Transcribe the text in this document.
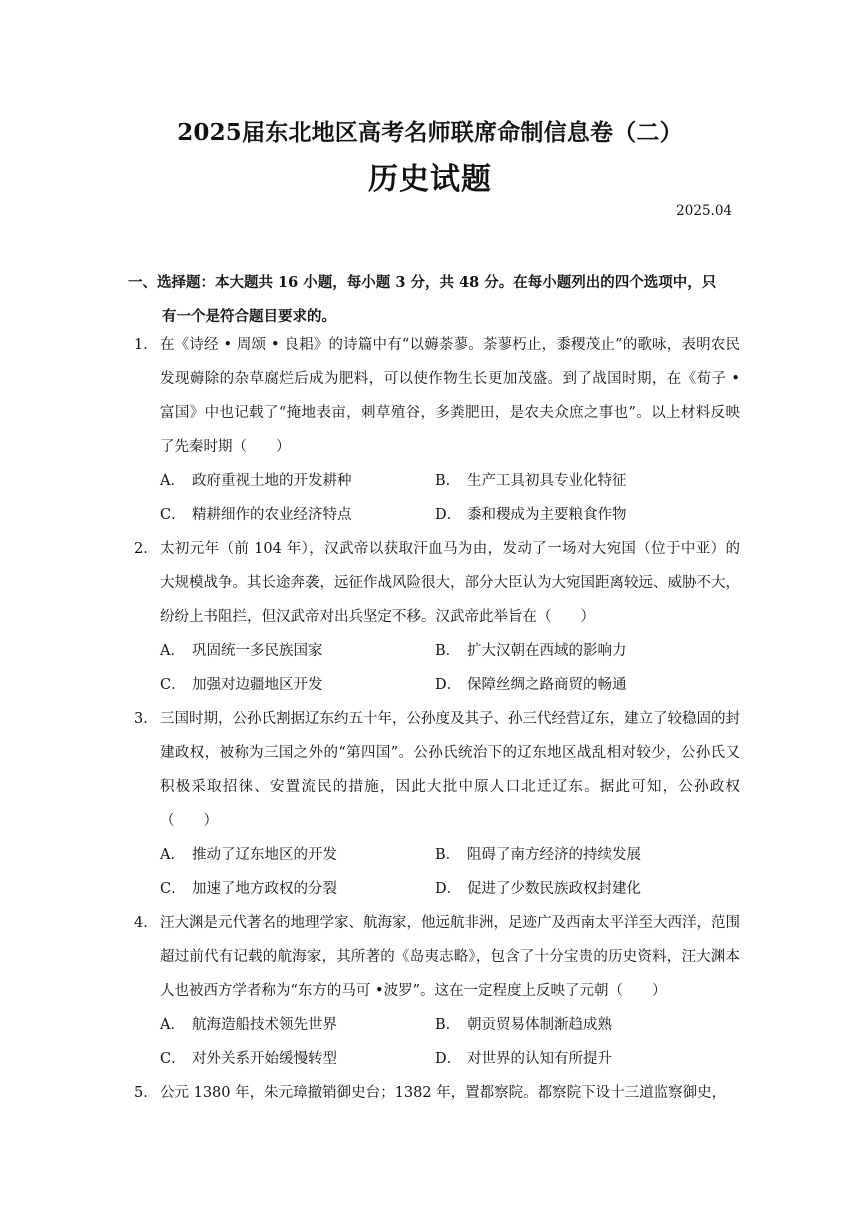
2025届东北地区高考名师联席命制信息卷（二）
历史试题
2025.04
一、选择题：本大题共 16 小题，每小题 3 分，共 48 分。在每小题列出的四个选项中，只
有一个是符合题目要求的。
1． 在《诗经 • 周颂 • 良耜》的诗篇中有“以薅荼蓼。荼蓼朽止，黍稷茂止”的歌咏，表明农民发现薅除的杂草腐烂后成为肥料，可以使作物生长更加茂盛。到了战国时期，在《荀子 • 富国》中也记载了“掩地表亩，刺草殖谷，多粪肥田，是农夫众庶之事也”。以上材料反映了先秦时期（　　）
A． 政府重视土地的开发耕种	B． 生产工具初具专业化特征
C． 精耕细作的农业经济特点	D． 黍和稷成为主要粮食作物
2． 太初元年（前 104 年），汉武帝以获取汗血马为由，发动了一场对大宛国（位于中亚）的大规模战争。其长途奔袭，远征作战风险很大，部分大臣认为大宛国距离较远、威胁不大，纷纷上书阻拦，但汉武帝对出兵坚定不移。汉武帝此举旨在（　　）
A． 巩固统一多民族国家	B． 扩大汉朝在西域的影响力
C． 加强对边疆地区开发	D． 保障丝绸之路商贸的畅通
3． 三国时期，公孙氏割据辽东约五十年，公孙度及其子、孙三代经营辽东，建立了较稳固的封建政权，被称为三国之外的“第四国”。公孙氏统治下的辽东地区战乱相对较少，公孙氏又积极采取招徕、安置流民的措施，因此大批中原人口北迁辽东。据此可知，公孙政权（　　）
A． 推动了辽东地区的开发	B． 阻碍了南方经济的持续发展
C． 加速了地方政权的分裂	D． 促进了少数民族政权封建化
4． 汪大渊是元代著名的地理学家、航海家，他远航非洲，足迹广及西南太平洋至大西洋，范围超过前代有记载的航海家，其所著的《岛夷志略》，包含了十分宝贵的历史资料，汪大渊本人也被西方学者称为“东方的马可 •波罗”。这在一定程度上反映了元朝（　　）
A． 航海造船技术领先世界	B． 朝贡贸易体制渐趋成熟
C． 对外关系开始缓慢转型	D． 对世界的认知有所提升
5． 公元 1380 年，朱元璋撤销御史台；1382 年，置都察院。都察院下设十三道监察御史，
